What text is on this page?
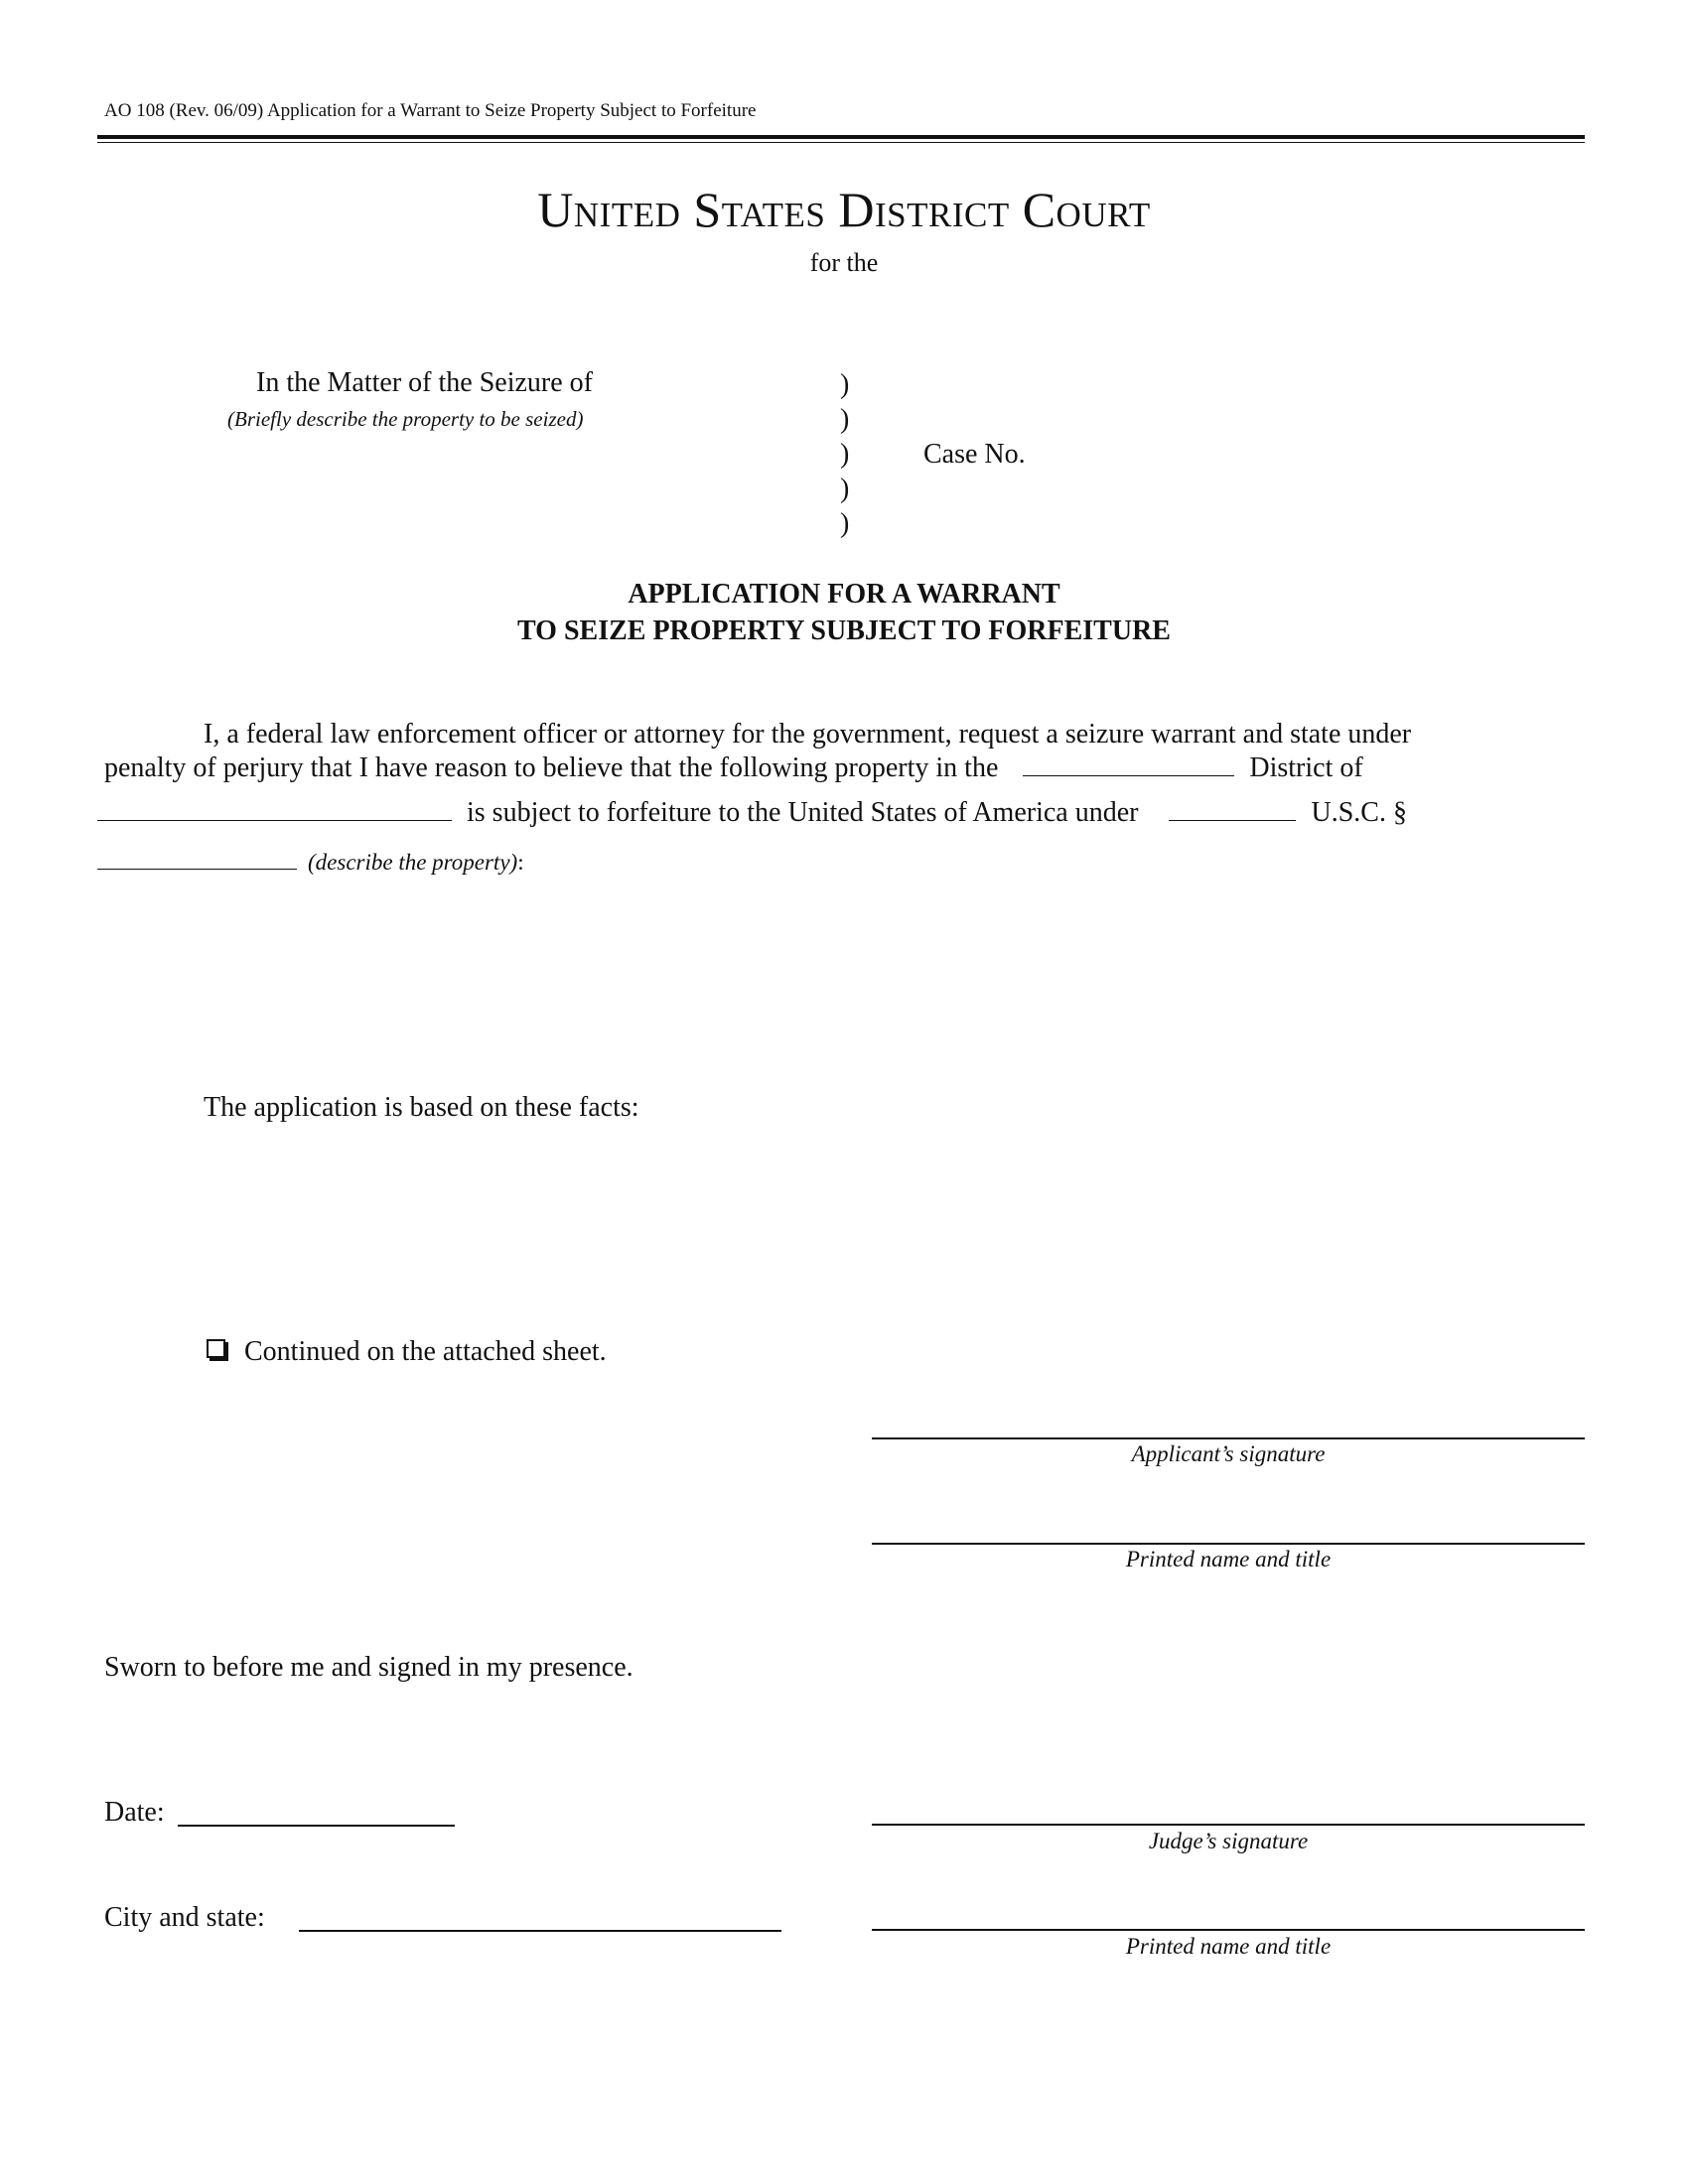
AO 108 (Rev. 06/09) Application for a Warrant to Seize Property Subject to Forfeiture
United States District Court
for the
In the Matter of the Seizure of
(Briefly describe the property to be seized)
)
)
)
)
)
Case No.
APPLICATION FOR A WARRANT
TO SEIZE PROPERTY SUBJECT TO FORFEITURE
I, a federal law enforcement officer or attorney for the government, request a seizure warrant and state under
penalty of perjury that I have reason to believe that the following property in the	District of
is subject to forfeiture to the United States of America under	U.S.C. §
(describe the property):
The application is based on these facts:
Continued on the attached sheet.
Applicant’s signature
Printed name and title
Sworn to before me and signed in my presence.
Date:
Judge’s signature
City and state:
Printed name and title
